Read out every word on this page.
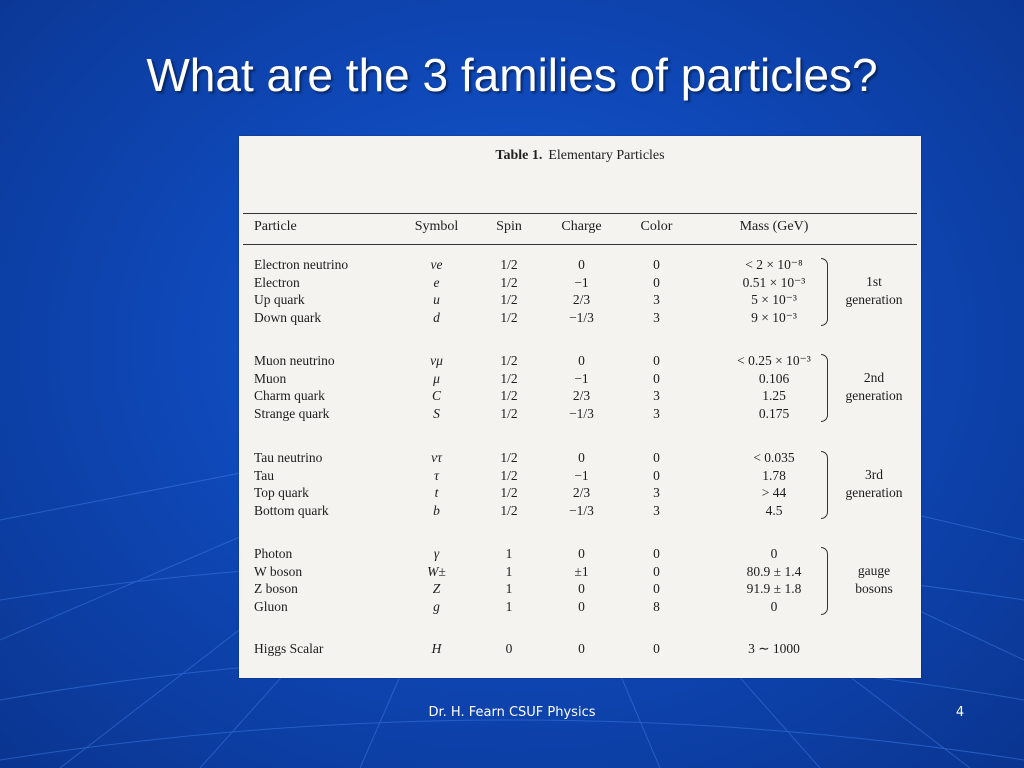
What are the 3 families of particles?
Table 1. Elementary Particles
Particle	Symbol	Spin	Charge	Color	Mass (GeV)
Electron neutrino	νe	1/2	0	0	< 2 × 10⁻⁸
Electron	e	1/2	−1	0	0.51 × 10⁻³
Up quark	u	1/2	2/3	3	5 × 10⁻³
Down quark	d	1/2	−1/3	3	9 × 10⁻³
1st
generation
Muon neutrino	νμ	1/2	0	0	< 0.25 × 10⁻³
Muon	μ	1/2	−1	0	0.106
Charm quark	C	1/2	2/3	3	1.25
Strange quark	S	1/2	−1/3	3	0.175
2nd
generation
Tau neutrino	ντ	1/2	0	0	< 0.035
Tau	τ	1/2	−1	0	1.78
Top quark	t	1/2	2/3	3	> 44
Bottom quark	b	1/2	−1/3	3	4.5
3rd
generation
Photon	γ	1	0	0	0
W boson	W±	1	±1	0	80.9 ± 1.4
Z boson	Z	1	0	0	91.9 ± 1.8
Gluon	g	1	0	8	0
gauge
bosons
Higgs Scalar	H	0	0	0	3 ∼ 1000
Dr. H. Fearn CSUF Physics	4
